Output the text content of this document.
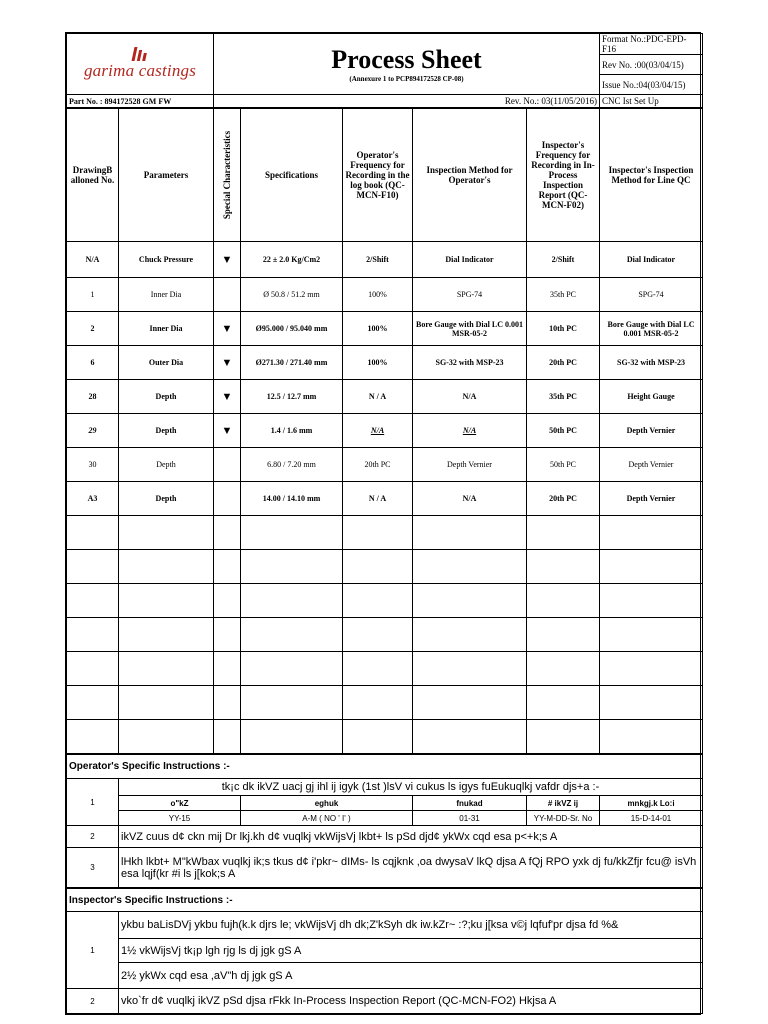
garima castings	Process Sheet
(Annexure 1 to PCP894172528 CP-08)	Format No.:PDC-EPD-F16
		Rev No. :00(03/04/15)
		Issue No.:04(03/04/15)
Part No. : 894172528 GM FW	Rev. No.: 03(11/05/2016)	CNC Ist Set Up
DrawingB alloned No.	Parameters	Special Characteristics	Specifications	Operator's Frequency for Recording in the log book (QC-MCN-F10)	Inspection Method for Operator's	Inspector's Frequency for Recording in In-Process Inspection Report (QC-MCN-F02)	Inspector's Inspection Method for Line QC
N/A	Chuck Pressure	▼	22 ± 2.0 Kg/Cm2	2/Shift	Dial Indicator	2/Shift	Dial Indicator
1	Inner Dia		Ø 50.8 / 51.2 mm	100%	SPG-74	35th PC	SPG-74
2	Inner Dia	▼	Ø95.000 / 95.040 mm	100%	Bore Gauge with Dial LC 0.001 MSR-05-2	10th PC	Bore Gauge with Dial LC 0.001 MSR-05-2
6	Outer Dia	▼	Ø271.30 / 271.40 mm	100%	SG-32 with MSP-23	20th PC	SG-32 with MSP-23
28	Depth	▼	12.5 / 12.7 mm	N / A	N/A	35th PC	Height Gauge
29	Depth	▼	1.4 / 1.6 mm	N/A	N/A	50th PC	Depth Vernier
30	Depth		6.80 / 7.20 mm	20th PC	Depth Vernier	50th PC	Depth Vernier
A3	Depth		14.00 / 14.10 mm	N / A	N/A	20th PC	Depth Vernier

Operator's Specific Instructions :-					
1	tk¡c dk ikVZ uacj gj ihl ij igyk (1st )lsV vi cukus ls igys fuEukuqlkj vafdr djs+a :-				
	o"kZ	eghuk	fnukad	# ikVZ ij	mnkgj.k Lo:i
	YY-15	A-M ( NO ' I' )	01-31	YY-M-DD-Sr. No	15-D-14-01
2	ikVZ cuus d¢ ckn mij Dr lkj.kh d¢ vuqlkj vkWijsVj lkbt+ ls pSd djd¢ ykWx cqd esa p<+k;s A				
3	lHkh lkbt+ M"kWbax vuqlkj ik;s tkus d¢ i'pkr~ dIMs- ls cqjknk ,oa dwysaV lkQ djsa A fQj RPO yxk dj fu/kkZfjr fcu@ isVh esa lqjf(kr #i ls j[kok;s A				
Inspector's Specific Instructions :-	
1	ykbu baLisDVj ykbu fujh(k.k djrs le; vkWijsVj dh dk;Z'kSyh dk iw.kZr~ :?;ku j[ksa v©j lqfuf'pr djsa fd %&
	1½ vkWijsVj tk¡p lgh rjg ls dj jgk gS A
	2½ ykWx cqd esa ,aV"h dj jgk gS A
2	vko`fr d¢ vuqlkj ikVZ pSd djsa rFkk In-Process Inspection Report (QC-MCN-FO2) Hkjsa A
